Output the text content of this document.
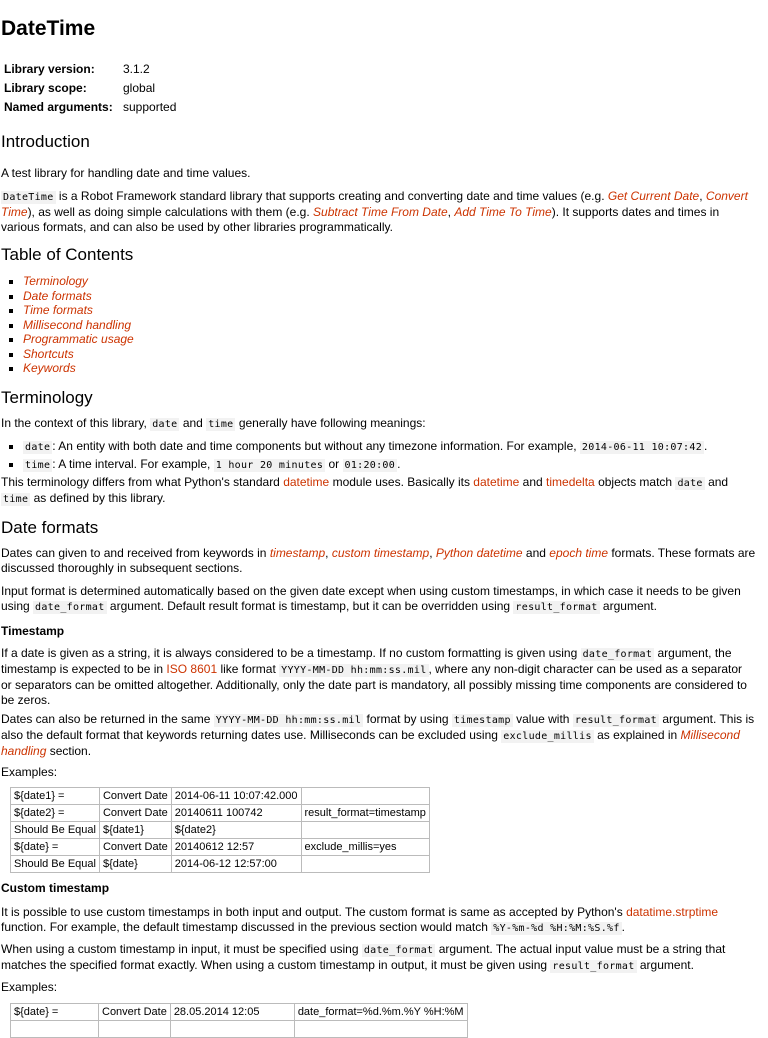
DateTime
Library version:	3.1.2
Library scope:	global
Named arguments:	supported
Introduction

A test library for handling date and time values.

DateTime is a Robot Framework standard library that supports creating and converting date and time values (e.g. Get Current Date, Convert Time), as well as doing simple calculations with them (e.g. Subtract Time From Date, Add Time To Time). It supports dates and times in various formats, and can also be used by other libraries programmatically.

Table of Contents
▪ Terminology
▪ Date formats
▪ Time formats
▪ Millisecond handling
▪ Programmatic usage
▪ Shortcuts
▪ Keywords
Terminology

In the context of this library, date and time generally have following meanings:

▪ date : An entity with both date and time components but without any timezone information. For example, 2014-06-11 10:07:42 .
▪ time : A time interval. For example, 1 hour 20 minutes or 01:20:00 .

This terminology differs from what Python's standard datetime module uses. Basically its datetime and timedelta objects match date and time as defined by this library.

Date formats

Dates can given to and received from keywords in timestamp, custom timestamp, Python datetime and epoch time formats. These formats are discussed thoroughly in subsequent sections.

Input format is determined automatically based on the given date except when using custom timestamps, in which case it needs to be given using date_format argument. Default result format is timestamp, but it can be overridden using result_format argument.

Timestamp

If a date is given as a string, it is always considered to be a timestamp. If no custom formatting is given using date_format argument, the timestamp is expected to be in ISO 8601 like format YYYY-MM-DD hh:mm:ss.mil , where any non-digit character can be used as a separator or separators can be omitted altogether. Additionally, only the date part is mandatory, all possibly missing time components are considered to be zeros.

Dates can also be returned in the same YYYY-MM-DD hh:mm:ss.mil format by using timestamp value with result_format argument. This is also the default format that keywords returning dates use. Milliseconds can be excluded using exclude_millis as explained in Millisecond handling section.

Examples:

${date1} =	Convert Date	2014-06-11 10:07:42.000	
${date2} =	Convert Date	20140611 100742	result_format=timestamp
Should Be Equal	${date1}	${date2}	
${date} =	Convert Date	20140612 12:57	exclude_millis=yes
Should Be Equal	${date}	2014-06-12 12:57:00	
Custom timestamp

It is possible to use custom timestamps in both input and output. The custom format is same as accepted by Python's datatime.strptime function. For example, the default timestamp discussed in the previous section would match %Y-%m-%d %H:%M:%S.%f .

When using a custom timestamp in input, it must be specified using date_format argument. The actual input value must be a string that matches the specified format exactly. When using a custom timestamp in output, it must be given using result_format argument.

Examples:

${date} =	Convert Date	28.05.2014 12:05	date_format=%d.%m.%Y %H:%M
